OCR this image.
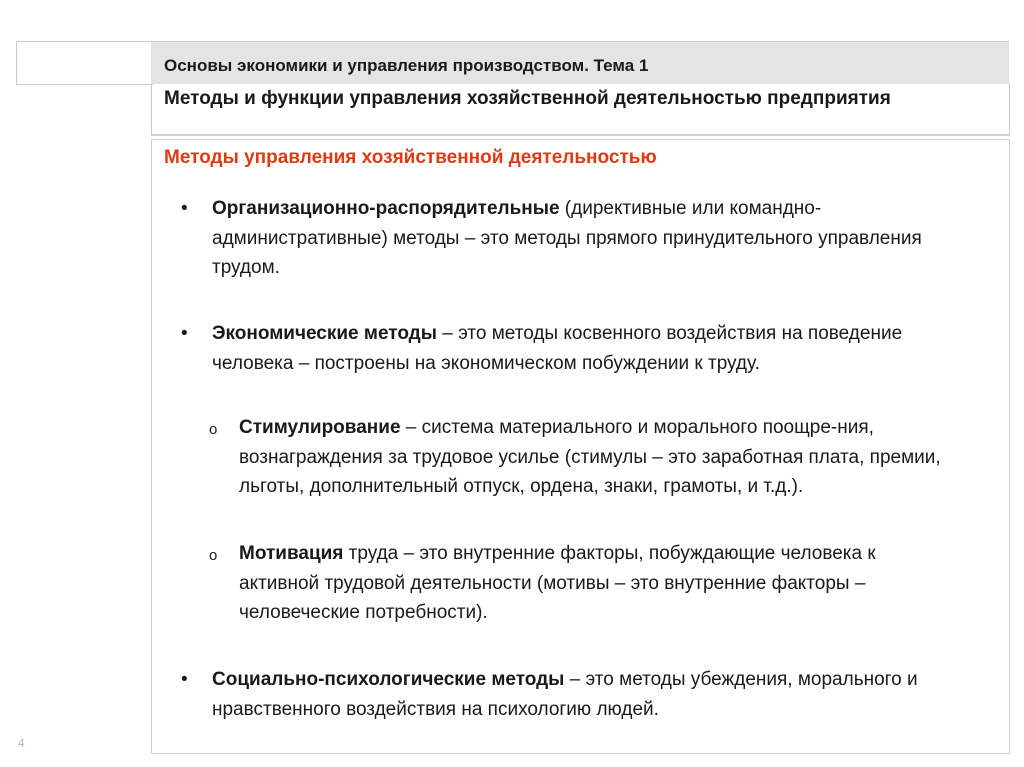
Основы экономики и управления производством. Тема 1
Методы и функции управления хозяйственной деятельностью предприятия
Методы управления хозяйственной деятельностью
• Организационно-распорядительные (директивные или командно-административные) методы – это методы прямого принудительного управления трудом.
• Экономические методы – это методы косвенного воздействия на поведение человека – построены на экономическом побуждении к труду.
o Стимулирование – система материального и морального поощре-ния, вознаграждения за трудовое усилье (стимулы – это заработная плата, премии, льготы, дополнительный отпуск, ордена, знаки, грамоты, и т.д.).
o Мотивация труда – это внутренние факторы, побуждающие человека к активной трудовой деятельности (мотивы – это внутренние факторы – человеческие потребности).
• Социально-психологические методы – это методы убеждения, морального и нравственного воздействия на психологию людей.
4
